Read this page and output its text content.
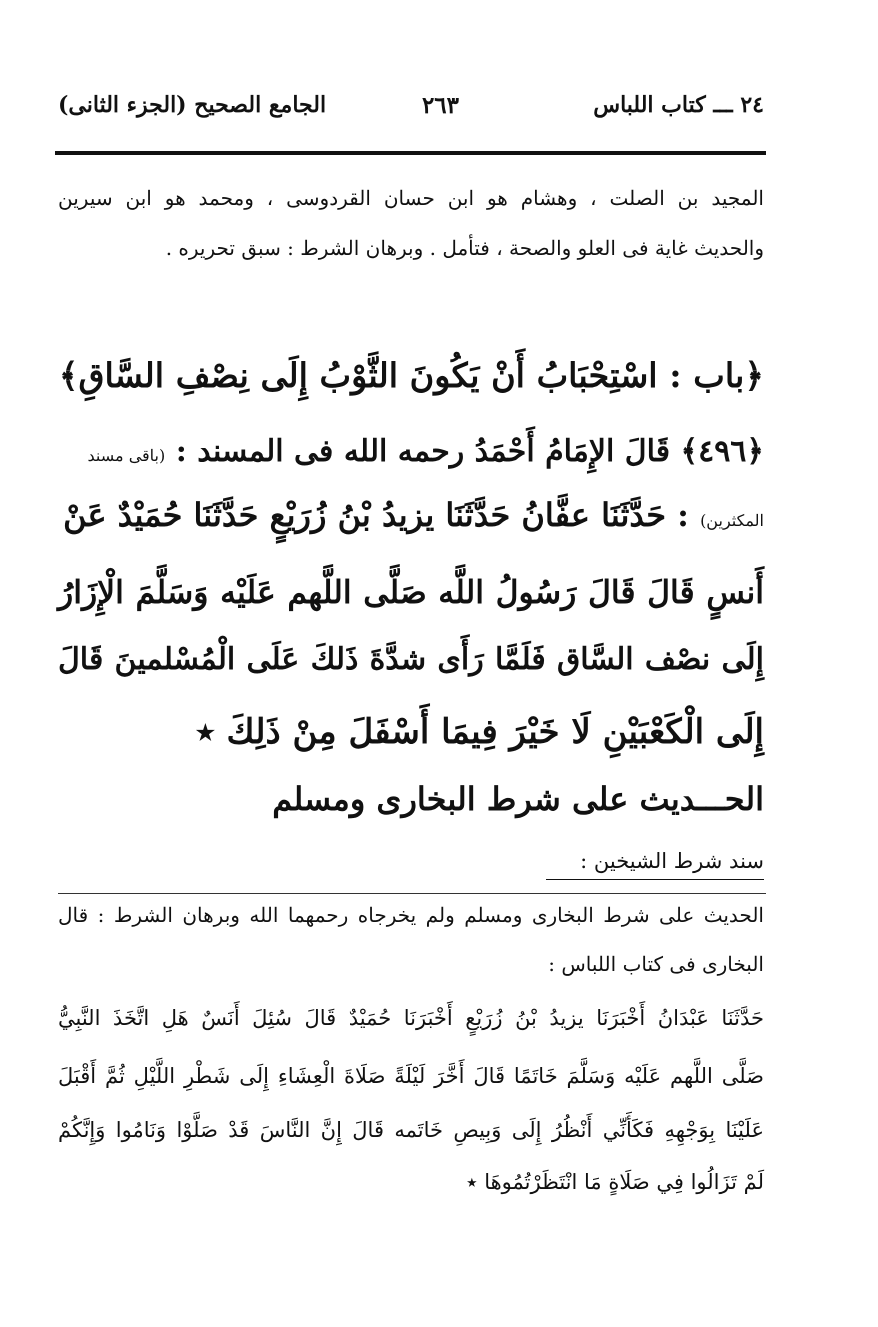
٢٤ ـــ كتاب اللباس
٢٦٣
الجامع الصحيح (الجزء الثانى)
المجيد بن الصلت ، وهشام هو ابن حسان القردوسى ، ومحمد هو ابن سيرين
والحديث غاية فى العلو والصحة ، فتأمل . وبرهان الشرط : سبق تحريره .
﴿باب : اسْتِحْبَابُ أَنْ يَكُونَ الثَّوْبُ إِلَى نِصْفِ السَّاقِ﴾
﴿٤٩٦﴾ قَالَ الإِمَامُ أَحْمَدُ رحمه الله فى المسند : (باقى مسند
المكثرين) : حَدَّثَنَا عفَّانُ حَدَّثَنَا يزيدُ بْنُ زُرَيْعٍ حَدَّثَنَا حُمَيْدٌ عَنْ
أَنسٍ قَالَ قَالَ رَسُولُ اللَّه صَلَّى اللَّهم عَلَيْه وَسَلَّمَ الْإِزَارُ
إِلَى نصْف السَّاق فَلَمَّا رَأَى شدَّةَ ذَلكَ عَلَى الْمُسْلمينَ قَالَ
إِلَى الْكَعْبَيْنِ لَا خَيْرَ فِيمَا أَسْفَلَ مِنْ ذَلِكَ ٭
الحـــديث على شرط البخارى ومسلم
سند شرط الشيخين :
الحديث على شرط البخارى ومسلم ولم يخرجاه رحمهما الله وبرهان الشرط : قال
البخارى فى كتاب اللباس :
حَدَّثَنَا عَبْدَانُ أَخْبَرَنَا يزيدُ بْنُ زُرَيْعٍ أَخْبَرَنَا حُمَيْدٌ قَالَ سُئِلَ أَنَسٌ هَلِ اتَّخَذَ النَّبِيُّ
صَلَّى اللَّهم عَلَيْه وَسَلَّمَ خَاتَمًا قَالَ أَخَّرَ لَيْلَةً صَلَاةَ الْعِشَاءِ إِلَى شَطْرِ اللَّيْلِ ثُمَّ أَقْبَلَ
عَلَيْنَا بِوَجْهِهِ فَكَأَنِّي أَنْظُرُ إِلَى وَبِيصِ خَاتَمه قَالَ إِنَّ النَّاسَ قَدْ صَلَّوْا وَنَامُوا وَإِنَّكُمْ
لَمْ تَزَالُوا فِي صَلَاةٍ مَا انْتَظَرْتُمُوهَا ٭
